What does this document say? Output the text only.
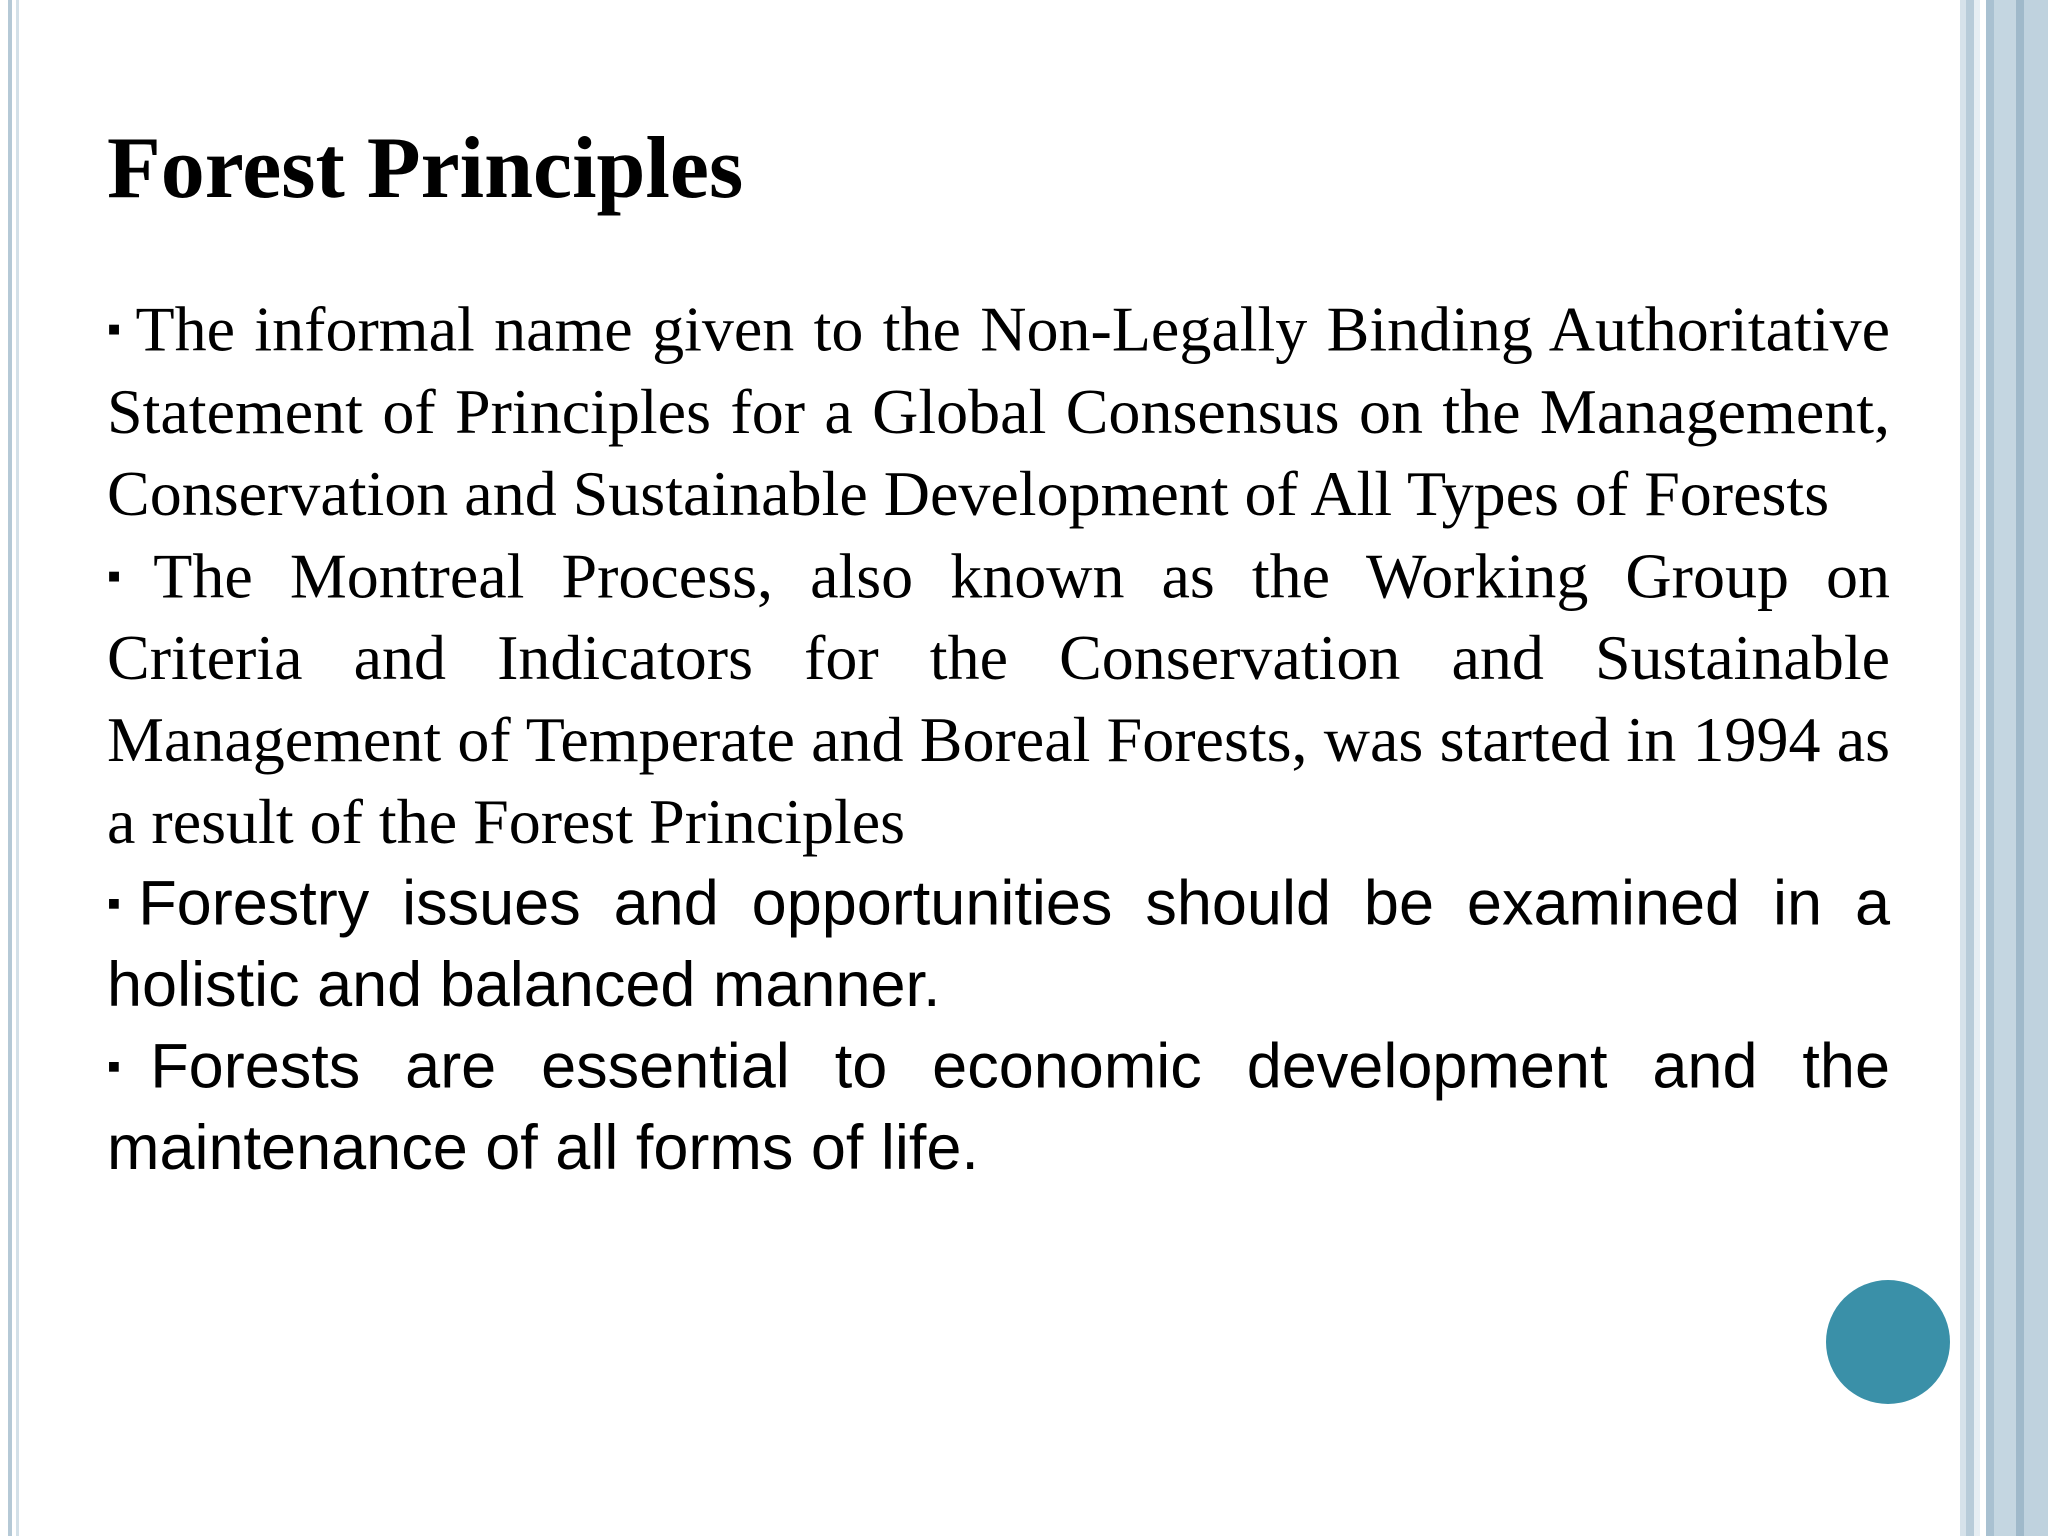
Forest Principles

▪ The informal name given to the Non-Legally Binding Authoritative Statement of Principles for a Global Consensus on the Management, Conservation and Sustainable Development of All Types of Forests

▪ The Montreal Process, also known as the Working Group on Criteria and Indicators for the Conservation and Sustainable Management of Temperate and Boreal Forests, was started in 1994 as a result of the Forest Principles

▪Forestry issues and opportunities should be examined in a holistic and balanced manner.

▪Forests are essential to economic development and the maintenance of all forms of life.
